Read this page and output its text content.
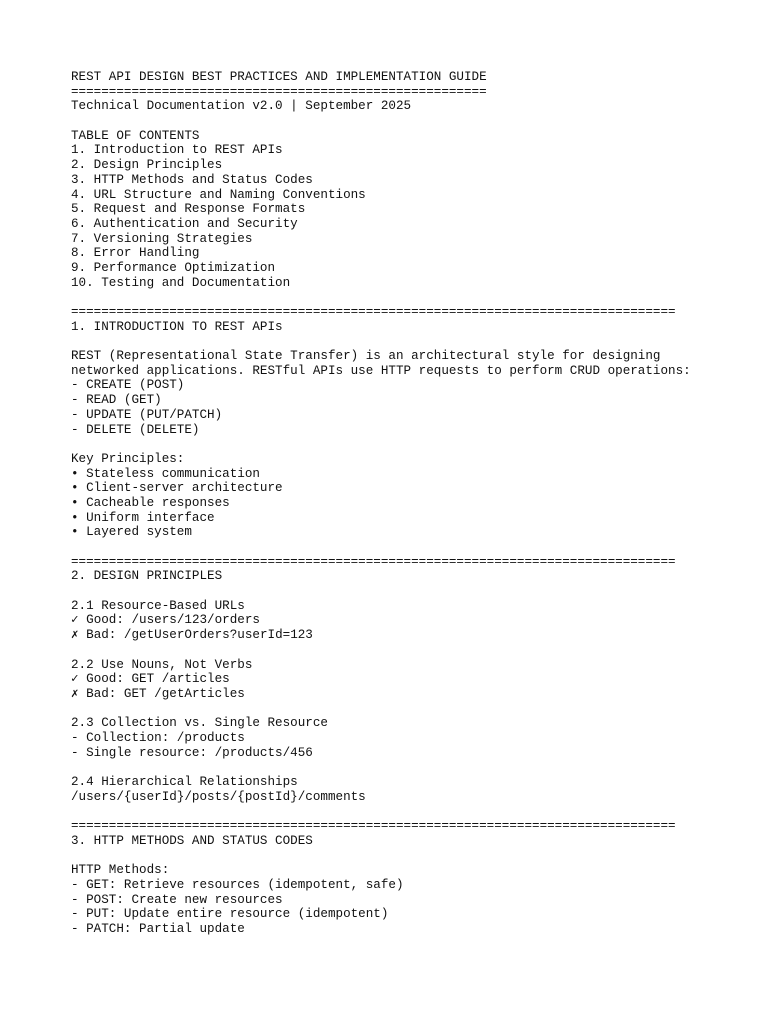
REST API DESIGN BEST PRACTICES AND IMPLEMENTATION GUIDE
=======================================================
Technical Documentation v2.0 | September 2025
TABLE OF CONTENTS
1. Introduction to REST APIs
2. Design Principles
3. HTTP Methods and Status Codes
4. URL Structure and Naming Conventions
5. Request and Response Formats
6. Authentication and Security
7. Versioning Strategies
8. Error Handling
9. Performance Optimization
10. Testing and Documentation
================================================================================
1. INTRODUCTION TO REST APIs
REST (Representational State Transfer) is an architectural style for designing
networked applications. RESTful APIs use HTTP requests to perform CRUD operations:
- CREATE (POST)
- READ (GET)
- UPDATE (PUT/PATCH)
- DELETE (DELETE)
Key Principles:
• Stateless communication
• Client-server architecture
• Cacheable responses
• Uniform interface
• Layered system
================================================================================
2. DESIGN PRINCIPLES
2.1 Resource-Based URLs
✓ Good: /users/123/orders
✗ Bad: /getUserOrders?userId=123
2.2 Use Nouns, Not Verbs
✓ Good: GET /articles
✗ Bad: GET /getArticles
2.3 Collection vs. Single Resource
- Collection: /products
- Single resource: /products/456
2.4 Hierarchical Relationships
/users/{userId}/posts/{postId}/comments
================================================================================
3. HTTP METHODS AND STATUS CODES
HTTP Methods:
- GET: Retrieve resources (idempotent, safe)
- POST: Create new resources
- PUT: Update entire resource (idempotent)
- PATCH: Partial update
